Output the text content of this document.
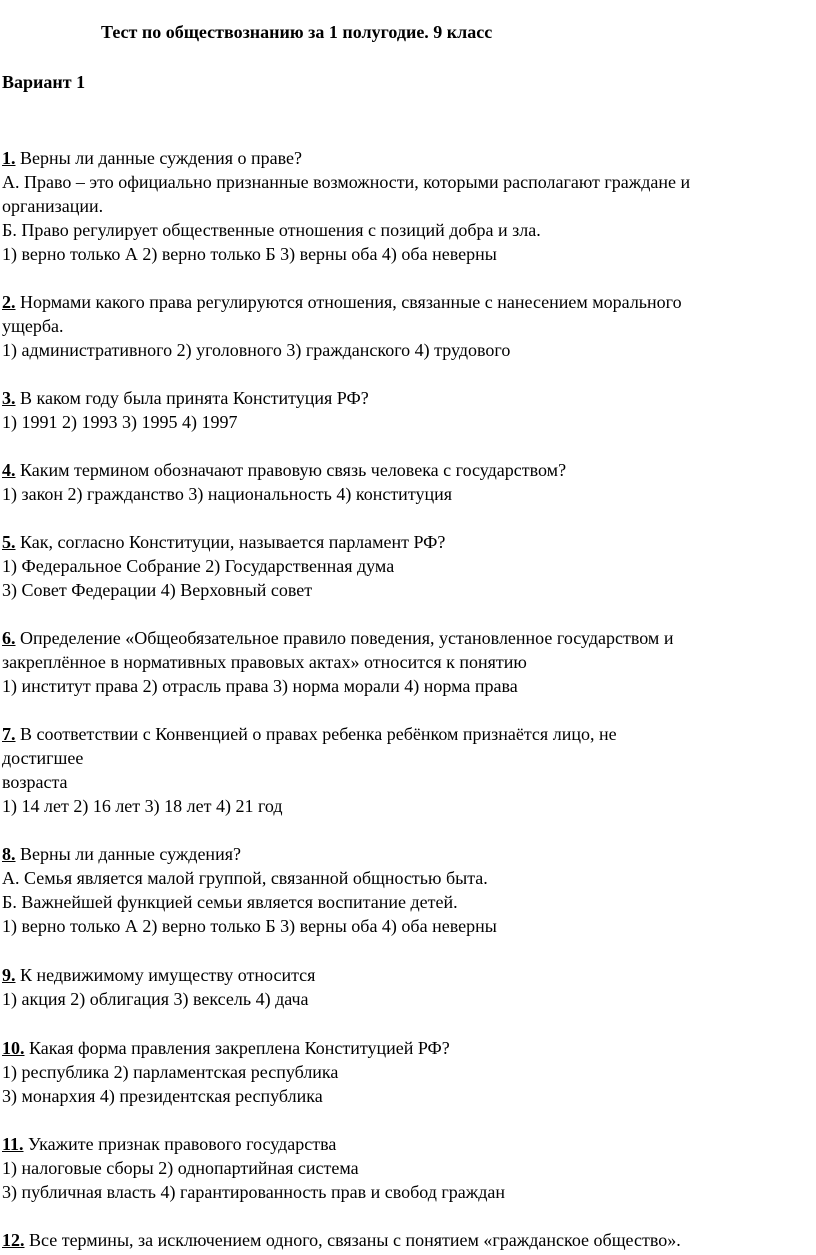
Тест по обществознанию за 1 полугодие. 9 класс
Вариант 1
1. Верны ли данные суждения о праве?
А. Право – это официально признанные возможности, которыми располагают граждане и
организации.
Б. Право регулирует общественные отношения с позиций добра и зла.
1) верно только А 2) верно только Б 3) верны оба 4) оба неверны
2. Нормами какого права регулируются отношения, связанные с нанесением морального
ущерба.
1) административного 2) уголовного 3) гражданского 4) трудового
3. В каком году была принята Конституция РФ?
1) 1991 2) 1993 3) 1995 4) 1997
4. Каким термином обозначают правовую связь человека с государством?
1) закон 2) гражданство 3) национальность 4) конституция
5. Как, согласно Конституции, называется парламент РФ?
1) Федеральное Собрание 2) Государственная дума
3) Совет Федерации 4) Верховный совет
6. Определение «Общеобязательное правило поведения, установленное государством и
закреплённое в нормативных правовых актах» относится к понятию
1) институт права 2) отрасль права 3) норма морали 4) норма права
7. В соответствии с Конвенцией о правах ребенка ребёнком признаётся лицо, не
достигшее
возраста
1) 14 лет 2) 16 лет 3) 18 лет 4) 21 год
8. Верны ли данные суждения?
А. Семья является малой группой, связанной общностью быта.
Б. Важнейшей функцией семьи является воспитание детей.
1) верно только А 2) верно только Б 3) верны оба 4) оба неверны
9. К недвижимому имуществу относится
1) акция 2) облигация 3) вексель 4) дача
10. Какая форма правления закреплена Конституцией РФ?
1) республика 2) парламентская республика
3) монархия 4) президентская республика
11. Укажите признак правового государства
1) налоговые сборы 2) однопартийная система
3) публичная власть 4) гарантированность прав и свобод граждан
12. Все термины, за исключением одного, связаны с понятием «гражданское общество».
